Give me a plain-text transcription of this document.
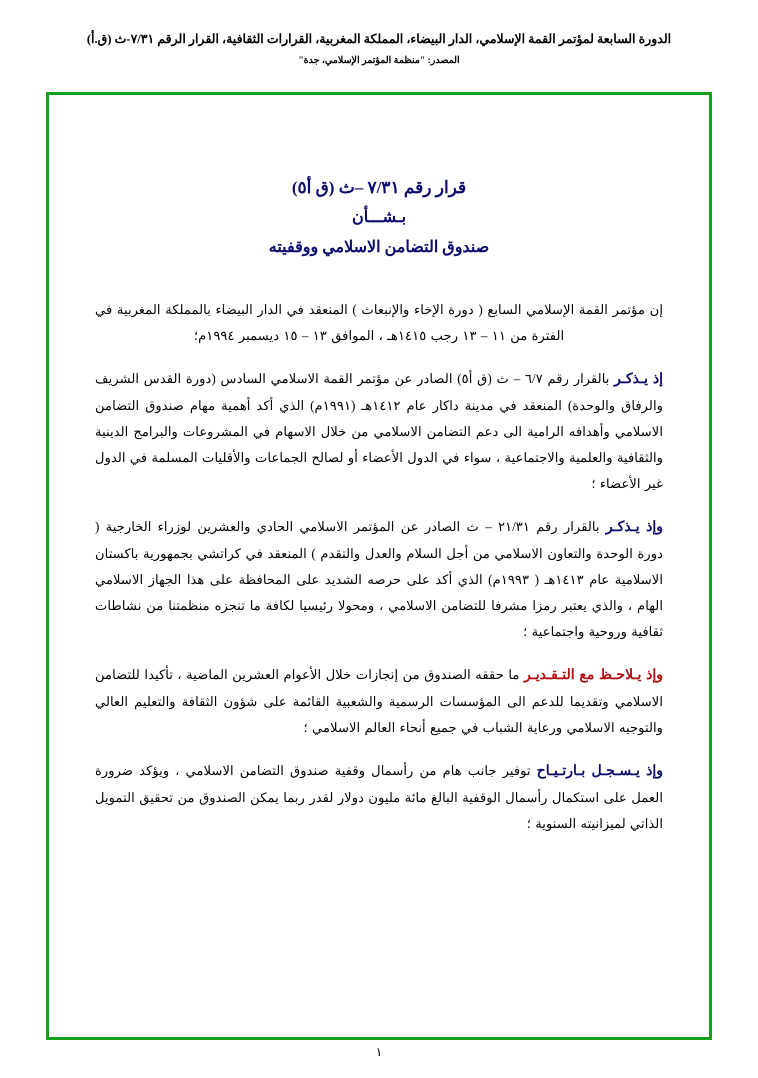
الدورة السابعة لمؤتمر القمة الإسلامي، الدار البيضاء، المملكة المغربية، القرارات الثقافية، القرار الرقم ٧/٣١-ث (ق.أ)
المصدر: "منظمة المؤتمر الإسلامي، جدة"
قرار رقم ٧/٣١ –ث (ق أ٥)
بـشـــأن
صندوق التضامن الاسلامي ووقفيته

إن مؤتمر القمة الإسلامي السابع ( دورة الإخاء والإنبعاث ) المنعقد في الدار البيضاء بالمملكة المغربية في الفترة من ١١ – ١٣ رجب ١٤١٥هـ ، الموافق ١٣ – ١٥ ديسمبر ١٩٩٤م؛

إذ يـذكـر بالقرار رقم ٦/٧ – ث (ق أ٥) الصادر عن مؤتمر القمة الاسلامي السادس (دورة القدس الشريف والرفاق والوحدة) المنعقد في مدينة داكار عام ١٤١٢هـ (١٩٩١م) الذي أكد أهمية مهام صندوق التضامن الاسلامي وأهدافه الرامية الى دعم التضامن الاسلامي من خلال الاسهام في المشروعات والبرامج الدينية والثقافية والعلمية والاجتماعية ، سواء في الدول الأعضاء أو لصالح الجماعات والأقليات المسلمة في الدول غير الأعضاء ؛

وإذ يـذكـر بالقرار رقم ٢١/٣١ – ث الصادر عن المؤتمر الاسلامي الحادي والعشرين لوزراء الخارجية ( دورة الوحدة والتعاون الاسلامي من أجل السلام والعدل والتقدم ) المنعقد في كراتشي بجمهورية باكستان الاسلامية عام ١٤١٣هـ ( ١٩٩٣م) الذي أكد على حرصه الشديد على المحافظة على هذا الجهاز الاسلامي الهام ، والذي يعتبر رمزا مشرفا للتضامن الاسلامي ، ومحولا رئيسيا لكافة ما تنجزه منظمتنا من نشاطات ثقافية وروحية واجتماعية ؛

وإذ يـلاحـظ مع التـقـديـر ما حققه الصندوق من إنجازات خلال الأعوام العشرين الماضية ، تأكيدا للتضامن الاسلامي وتقديما للدعم الى المؤسسات الرسمية والشعبية القائمة على شؤون الثقافة والتعليم العالي والتوجيه الاسلامي ورعاية الشباب في جميع أنحاء العالم الاسلامي ؛

وإذ يـسـجـل بـارتـيـاح توفير جانب هام من رأسمال وقفية صندوق التضامن الاسلامي ، ويؤكد ضرورة العمل على استكمال رأسمال الوقفية البالغ مائة مليون دولار لقدر ربما يمكن الصندوق من تحقيق التمويل الذاتي لميزانيته السنوية ؛

١
